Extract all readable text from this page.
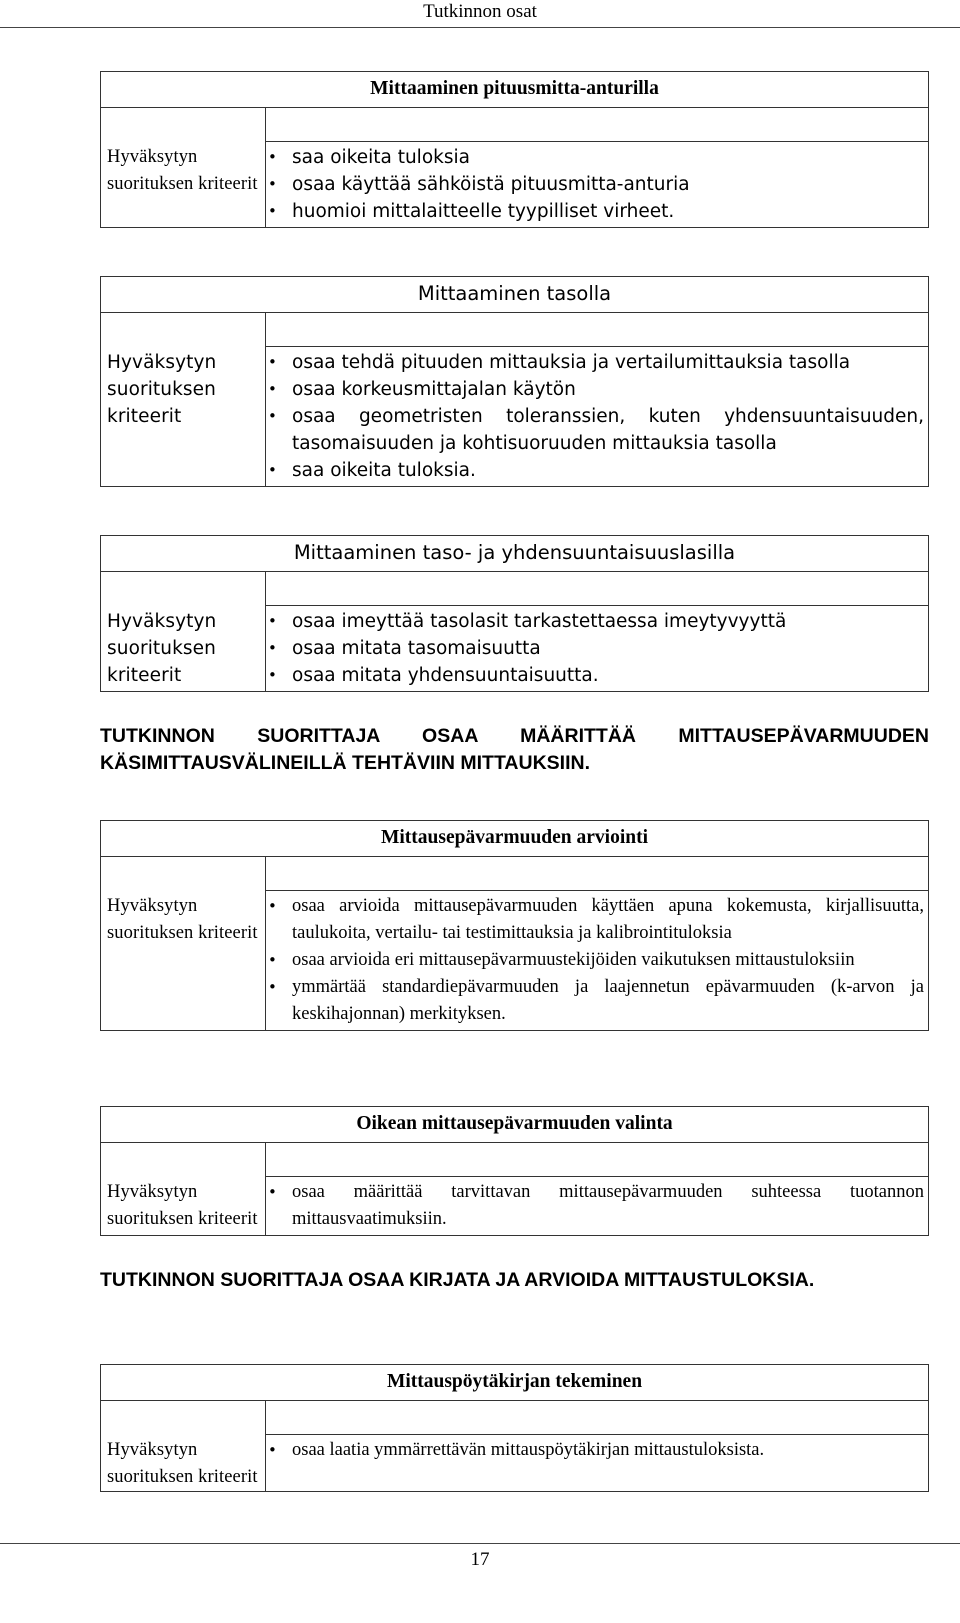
Tutkinnon osat
Mittaaminen pituusmitta-anturilla
Hyväksytyn suorituksen kriteerit
• saa oikeita tuloksia
• osaa käyttää sähköistä pituusmitta-anturia
• huomioi mittalaitteelle tyypilliset virheet.
Mittaaminen tasolla
Hyväksytyn suorituksen kriteerit
• osaa tehdä pituuden mittauksia ja vertailumittauksia tasolla
• osaa korkeusmittajalan käytön
• osaa geometristen toleranssien, kuten yhdensuuntaisuuden, tasomaisuuden ja kohtisuoruuden mittauksia tasolla
• saa oikeita tuloksia.
Mittaaminen taso- ja yhdensuuntaisuuslasilla
Hyväksytyn suorituksen kriteerit
• osaa imeyttää tasolasit tarkastettaessa imeytyvyyttä
• osaa mitata tasomaisuutta
• osaa mitata yhdensuuntaisuutta.
TUTKINNON SUORITTAJA OSAA MÄÄRITTÄÄ MITTAUSEPÄVARMUUDEN KÄSIMITTAUSVÄLINEILLÄ TEHTÄVIIN MITTAUKSIIN.
Mittausepävarmuuden arviointi
Hyväksytyn suorituksen kriteerit
• osaa arvioida mittausepävarmuuden käyttäen apuna kokemusta, kirjallisuutta, taulukoita, vertailu- tai testimittauksia ja kalibrointituloksia
• osaa arvioida eri mittausepävarmuustekijöiden vaikutuksen mittaustuloksiin
• ymmärtää standardiepävarmuuden ja laajennetun epävarmuuden (k-arvon ja keskihajonnan) merkityksen.
Oikean mittausepävarmuuden valinta
Hyväksytyn suorituksen kriteerit
• osaa määrittää tarvittavan mittausepävarmuuden suhteessa tuotannon mittausvaatimuksiin.
TUTKINNON SUORITTAJA OSAA KIRJATA JA ARVIOIDA MITTAUSTULOKSIA.
Mittauspöytäkirjan tekeminen
Hyväksytyn suorituksen kriteerit
• osaa laatia ymmärrettävän mittauspöytäkirjan mittaustuloksista.
17
